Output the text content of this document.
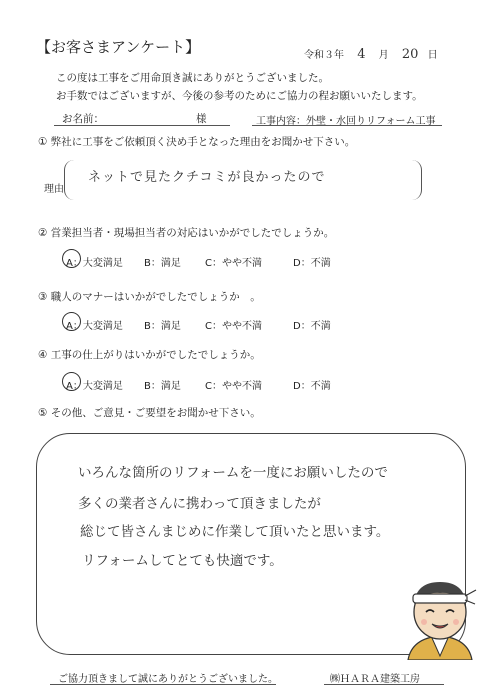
【お客さまアンケート】	令和３年 4 月 20 日
この度は工事をご用命頂き誠にありがとうございました。
お手数ではございますが、今後の参考のためにご協力の程お願いいたします。
お名前：	様	工事内容：外壁・水回りリフォーム工事
① 弊社に工事をご依頼頂く決め手となった理由をお聞かせ下さい。
理由
ネットで見たクチコミが良かったので
② 営業担当者・現場担当者の対応はいかがでしたでしょうか。
A：大変満足 B：満足 C：やや不満	D：不満
③ 職人のマナーはいかがでしたでしょうか　。
A：大変満足 B：満足 C：やや不満	D：不満
④ 工事の仕上がりはいかがでしたでしょうか。
A：大変満足 B：満足 C：やや不満	D：不満
⑤ その他、ご意見・ご要望をお聞かせ下さい。
いろんな箇所のリフォームを一度にお願いしたので
多くの業者さんに携わって頂きましたが
総じて皆さんまじめに作業して頂いたと思います。
リフォームしてとても快適です。
ご協力頂きまして誠にありがとうございました。	㈱ＨＡＲＡ建築工房
